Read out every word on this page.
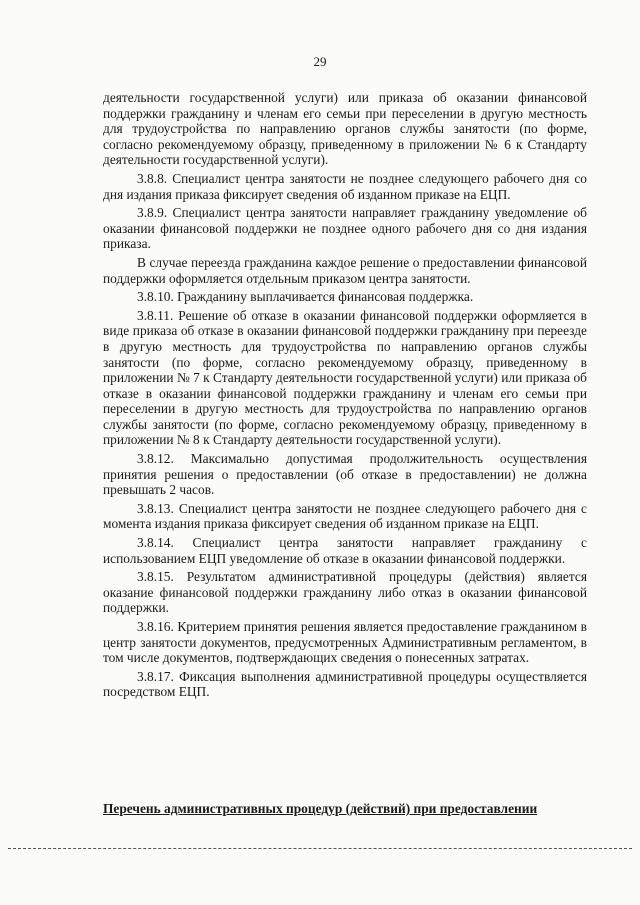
29

деятельности государственной услуги) или приказа об оказании финансовой поддержки гражданину и членам его семьи при переселении в другую местность для трудоустройства по направлению органов службы занятости (по форме, согласно рекомендуемому образцу, приведенному в приложении № 6 к Стандарту деятельности государственной услуги).

3.8.8. Специалист центра занятости не позднее следующего рабочего дня со дня издания приказа фиксирует сведения об изданном приказе на ЕЦП.

3.8.9. Специалист центра занятости направляет гражданину уведомление об оказании финансовой поддержки не позднее одного рабочего дня со дня издания приказа.

В случае переезда гражданина каждое решение о предоставлении финансовой поддержки оформляется отдельным приказом центра занятости.

3.8.10. Гражданину выплачивается финансовая поддержка.

3.8.11. Решение об отказе в оказании финансовой поддержки оформляется в виде приказа об отказе в оказании финансовой поддержки гражданину при переезде в другую местность для трудоустройства по направлению органов службы занятости (по форме, согласно рекомендуемому образцу, приведенному в приложении № 7 к Стандарту деятельности государственной услуги) или приказа об отказе в оказании финансовой поддержки гражданину и членам его семьи при переселении в другую местность для трудоустройства по направлению органов службы занятости (по форме, согласно рекомендуемому образцу, приведенному в приложении № 8 к Стандарту деятельности государственной услуги).

3.8.12. Максимально допустимая продолжительность осуществления принятия решения о предоставлении (об отказе в предоставлении) не должна превышать 2 часов.

3.8.13. Специалист центра занятости не позднее следующего рабочего дня с момента издания приказа фиксирует сведения об изданном приказе на ЕЦП.

3.8.14. Специалист центра занятости направляет гражданину с использованием ЕЦП уведомление об отказе в оказании финансовой поддержки.

3.8.15. Результатом административной процедуры (действия) является оказание финансовой поддержки гражданину либо отказ в оказании финансовой поддержки.

3.8.16. Критерием принятия решения является предоставление гражданином в центр занятости документов, предусмотренных Административным регламентом, в том числе документов, подтверждающих сведения о понесенных затратах.

3.8.17. Фиксация выполнения административной процедуры осуществляется посредством ЕЦП.

Перечень административных процедур (действий) при предоставлении
